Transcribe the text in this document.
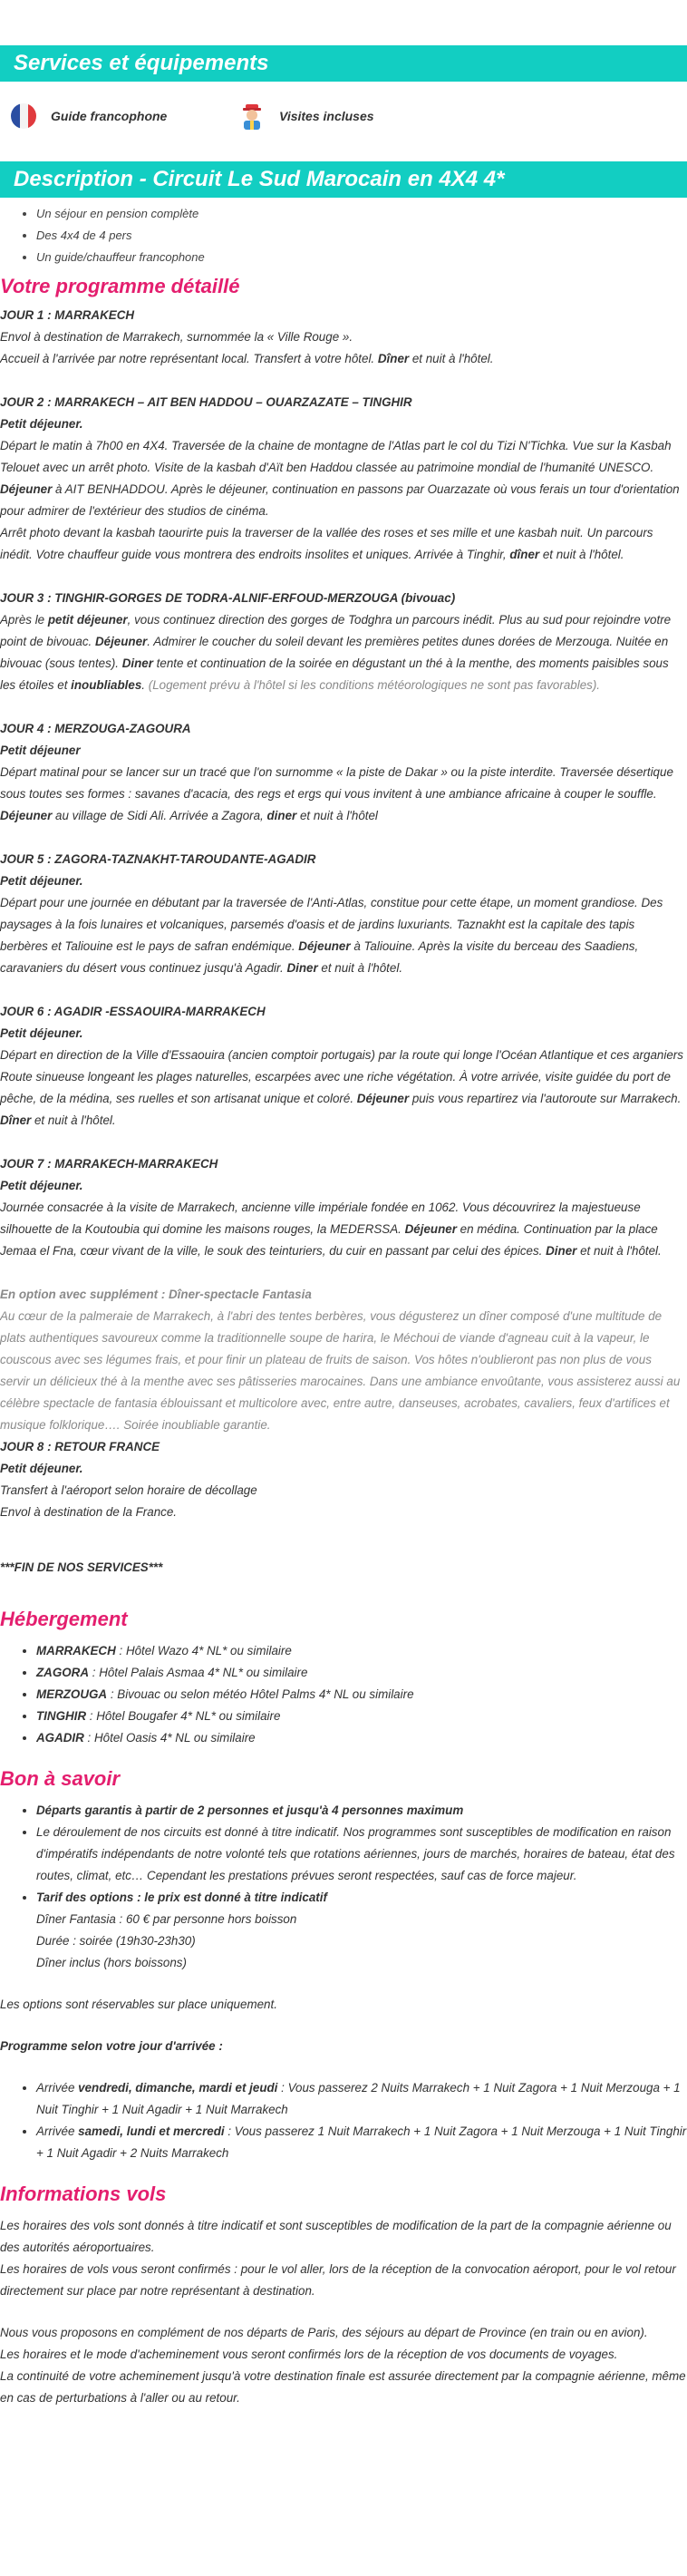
Services et équipements
Guide francophone	Visites incluses
Description - Circuit Le Sud Marocain en 4X4 4*
• Un séjour en pension complète
• Des 4x4 de 4 pers
• Un guide/chauffeur francophone
Votre programme détaillé

JOUR 1 : MARRAKECH

Envol à destination de Marrakech, surnommée la « Ville Rouge ».

Accueil à l'arrivée par notre représentant local. Transfert à votre hôtel. Dîner et nuit à l'hôtel.

JOUR 2 : MARRAKECH – AIT BEN HADDOU – OUARZAZATE – TINGHIR

Petit déjeuner.

Départ le matin à 7h00 en 4X4. Traversée de la chaine de montagne de l'Atlas part le col du Tizi N'Tichka. Vue sur la Kasbah Telouet avec un arrêt photo. Visite de la kasbah d'Aït ben Haddou classée au patrimoine mondial de l'humanité UNESCO. Déjeuner à AIT BENHADDOU. Après le déjeuner, continuation en passons par Ouarzazate où vous ferais un tour d'orientation pour admirer de l'extérieur des studios de cinéma.

Arrêt photo devant la kasbah taourirte puis la traverser de la vallée des roses et ses mille et une kasbah nuit. Un parcours inédit. Votre chauffeur guide vous montrera des endroits insolites et uniques. Arrivée à Tinghir, dîner et nuit à l'hôtel.

JOUR 3 : TINGHIR-GORGES DE TODRA-ALNIF-ERFOUD-MERZOUGA (bivouac)

Après le petit déjeuner, vous continuez direction des gorges de Todghra un parcours inédit. Plus au sud pour rejoindre votre point de bivouac. Déjeuner. Admirer le coucher du soleil devant les premières petites dunes dorées de Merzouga. Nuitée en bivouac (sous tentes). Diner tente et continuation de la soirée en dégustant un thé à la menthe, des moments paisibles sous les étoiles et inoubliables. (Logement prévu à l'hôtel si les conditions météorologiques ne sont pas favorables).

JOUR 4 : MERZOUGA-ZAGOURA

Petit déjeuner

Départ matinal pour se lancer sur un tracé que l'on surnomme « la piste de Dakar » ou la piste interdite. Traversée désertique sous toutes ses formes : savanes d'acacia, des regs et ergs qui vous invitent à une ambiance africaine à couper le souffle. Déjeuner au village de Sidi Ali. Arrivée a Zagora, diner et nuit à l'hôtel

JOUR 5 : ZAGORA-TAZNAKHT-TAROUDANTE-AGADIR

Petit déjeuner.

Départ pour une journée en débutant par la traversée de l'Anti-Atlas, constitue pour cette étape, un moment grandiose. Des paysages à la fois lunaires et volcaniques, parsemés d'oasis et de jardins luxuriants. Taznakht est la capitale des tapis berbères et Taliouine est le pays de safran endémique. Déjeuner à Taliouine. Après la visite du berceau des Saadiens, caravaniers du désert vous continuez jusqu'à Agadir. Diner et nuit à l'hôtel.

JOUR 6 : AGADIR -ESSAOUIRA-MARRAKECH

Petit déjeuner.

Départ en direction de la Ville d'Essaouira (ancien comptoir portugais) par la route qui longe l'Océan Atlantique et ces arganiers Route sinueuse longeant les plages naturelles, escarpées avec une riche végétation. À votre arrivée, visite guidée du port de pêche, de la médina, ses ruelles et son artisanat unique et coloré. Déjeuner puis vous repartirez via l'autoroute sur Marrakech. Dîner et nuit à l'hôtel.

JOUR 7 : MARRAKECH-MARRAKECH

Petit déjeuner.

Journée consacrée à la visite de Marrakech, ancienne ville impériale fondée en 1062. Vous découvrirez la majestueuse silhouette de la Koutoubia qui domine les maisons rouges, la MEDERSSA. Déjeuner en médina. Continuation par la place Jemaa el Fna, cœur vivant de la ville, le souk des teinturiers, du cuir en passant par celui des épices. Diner et nuit à l'hôtel.

En option avec supplément : Dîner-spectacle Fantasia

Au cœur de la palmeraie de Marrakech, à l'abri des tentes berbères, vous dégusterez un dîner composé d'une multitude de plats authentiques savoureux comme la traditionnelle soupe de harira, le Méchoui de viande d'agneau cuit à la vapeur, le couscous avec ses légumes frais, et pour finir un plateau de fruits de saison. Vos hôtes n'oublieront pas non plus de vous servir un délicieux thé à la menthe avec ses pâtisseries marocaines. Dans une ambiance envoûtante, vous assisterez aussi au célèbre spectacle de fantasia éblouissant et multicolore avec, entre autre, danseuses, acrobates, cavaliers, feux d'artifices et musique folklorique…. Soirée inoubliable garantie.

JOUR 8 : RETOUR FRANCE

Petit déjeuner.

Transfert à l'aéroport selon horaire de décollage

Envol à destination de la France.

***FIN DE NOS SERVICES***

Hébergement
• MARRAKECH : Hôtel Wazo 4* NL* ou similaire
• ZAGORA : Hôtel Palais Asmaa 4* NL* ou similaire
• MERZOUGA : Bivouac ou selon météo Hôtel Palms 4* NL ou similaire
• TINGHIR : Hôtel Bougafer 4* NL* ou similaire
• AGADIR : Hôtel Oasis 4* NL ou similaire
Bon à savoir
• Départs garantis à partir de 2 personnes et jusqu'à 4 personnes maximum
• Le déroulement de nos circuits est donné à titre indicatif. Nos programmes sont susceptibles de modification en raison d'impératifs indépendants de notre volonté tels que rotations aériennes, jours de marchés, horaires de bateau, état des routes, climat, etc… Cependant les prestations prévues seront respectées, sauf cas de force majeur.
• Tarif des options : le prix est donné à titre indicatif
Dîner Fantasia : 60 € par personne hors boisson
Durée : soirée (19h30-23h30)
Dîner inclus (hors boissons)

Les options sont réservables sur place uniquement.

Programme selon votre jour d'arrivée :

• Arrivée vendredi, dimanche, mardi et jeudi : Vous passerez 2 Nuits Marrakech + 1 Nuit Zagora + 1 Nuit Merzouga + 1 Nuit Tinghir + 1 Nuit Agadir + 1 Nuit Marrakech
• Arrivée samedi, lundi et mercredi : Vous passerez 1 Nuit Marrakech + 1 Nuit Zagora + 1 Nuit Merzouga + 1 Nuit Tinghir + 1 Nuit Agadir + 2 Nuits Marrakech
Informations vols

Les horaires des vols sont donnés à titre indicatif et sont susceptibles de modification de la part de la compagnie aérienne ou des autorités aéroportuaires.

Les horaires de vols vous seront confirmés : pour le vol aller, lors de la réception de la convocation aéroport, pour le vol retour directement sur place par notre représentant à destination.

Nous vous proposons en complément de nos départs de Paris, des séjours au départ de Province (en train ou en avion).

Les horaires et le mode d'acheminement vous seront confirmés lors de la réception de vos documents de voyages.

La continuité de votre acheminement jusqu'à votre destination finale est assurée directement par la compagnie aérienne, même en cas de perturbations à l'aller ou au retour.
